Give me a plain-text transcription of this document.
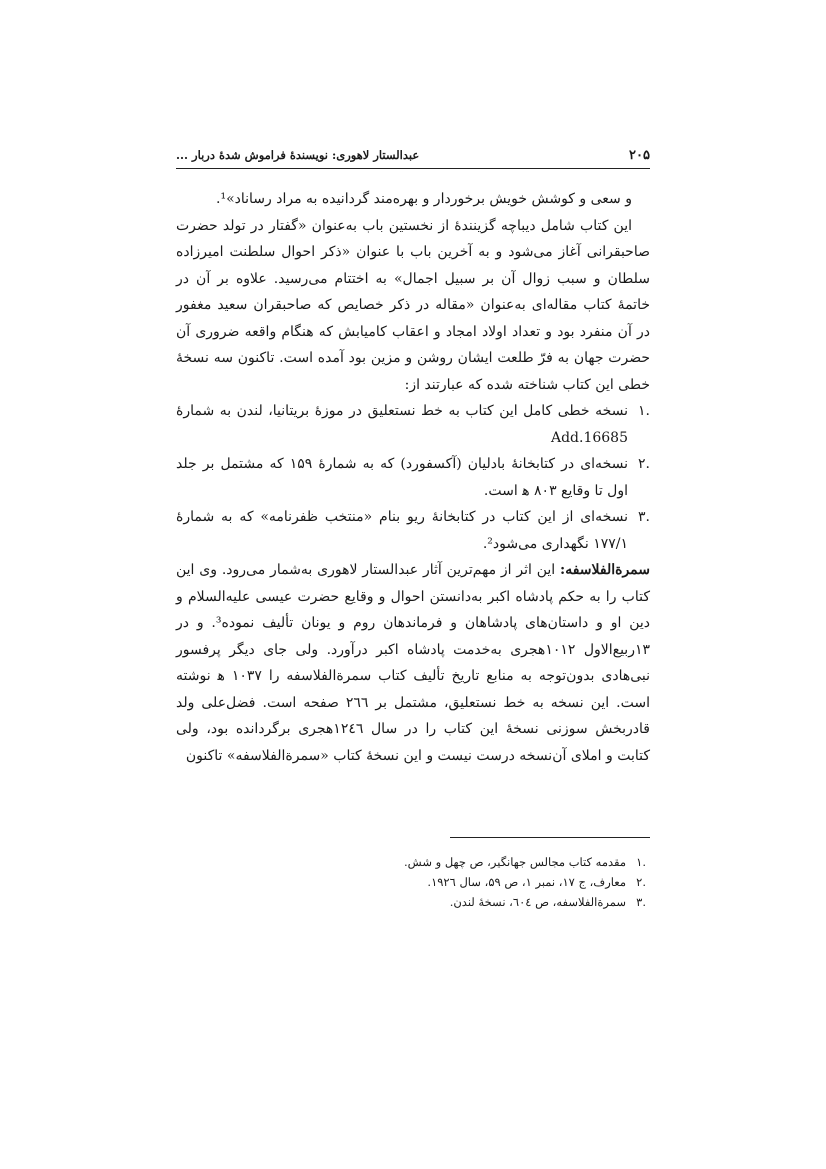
۲۰۵
عبدالستار لاهوری: نویسندهٔ فراموش شدهٔ دربار ...

و سعی و کوشش خویش برخوردار و بهره‌مند گردانیده به مراد رساناد»¹.

این کتاب شامل دیباچه گزینندهٔ از نخستین باب به‌عنوان «گفتار در تولد حضرت صاحبقرانی آغاز می‌شود و به آخرین باب با عنوان «ذکر احوال سلطنت امیرزاده سلطان و سبب زوال آن بر سبیل اجمال» به اختتام می‌رسید. علاوه بر آن در خاتمهٔ کتاب مقاله‌ای به‌عنوان «مقاله در ذکر خصایص که صاحبقران سعید مغفور در آن منفرد بود و تعداد اولاد امجاد و اعقاب کامیابش که هنگام واقعه ضروری آن حضرت جهان به فرّ طلعت ایشان روشن و مزین بود آمده است. تاکنون سه نسخهٔ خطی این کتاب شناخته شده که عبارتند از:

.۱
نسخه خطی کامل این کتاب به خط نستعلیق در موزهٔ بریتانیا، لندن به شمارهٔ Add.16685
.۲
نسخه‌ای در کتابخانهٔ بادلیان (آکسفورد) که به شمارهٔ ۱۵۹ که مشتمل بر جلد اول تا وقایع ۸۰۳ ﻫ است.
.۳
نسخه‌ای از این کتاب در کتابخانهٔ ریو بنام «منتخب ظفرنامه» که به شمارهٔ ۱۷۷/۱ نگهداری می‌شود².

سمرةالفلاسفه: این اثر از مهم‌ترین آثار عبدالستار لاهوری به‌شمار می‌رود. وی این کتاب را به حکم پادشاه اکبر به‌دانستن احوال و وقایع حضرت عیسی علیه‌السلام و دین او و داستان‌های پادشاهان و فرماندهان روم و یونان تألیف نموده³. و در ۱۳ربیع‌الاول ۱۰۱۲هجری به‌خدمت پادشاه اکبر درآورد. ولی جای دیگر پرفسور نبی‌هادی بدون‌توجه به منابع تاریخ تألیف کتاب سمرةالفلاسفه را ۱۰۳۷ ﻫ نوشته است. این نسخه به خط نستعلیق، مشتمل بر ۲٦٦ صفحه است. فضل‌علی ولد قادربخش سوزنی نسخهٔ این کتاب را در سال ۱۲٤٦هجری برگردانده بود، ولی کتابت و املای آن‌نسخه درست نیست و این نسخهٔ کتاب «سمرةالفلاسفه» تاکنون

.۱
مقدمه کتاب مجالس جهانگیر، ص چهل و شش.
.۲
معارف، ج ۱۷، نمبر ۱، ص ۵۹، سال ۱۹۲٦.
.۳
سمرةالفلاسفه، ص ٦۰٤، نسخهٔ لندن.
